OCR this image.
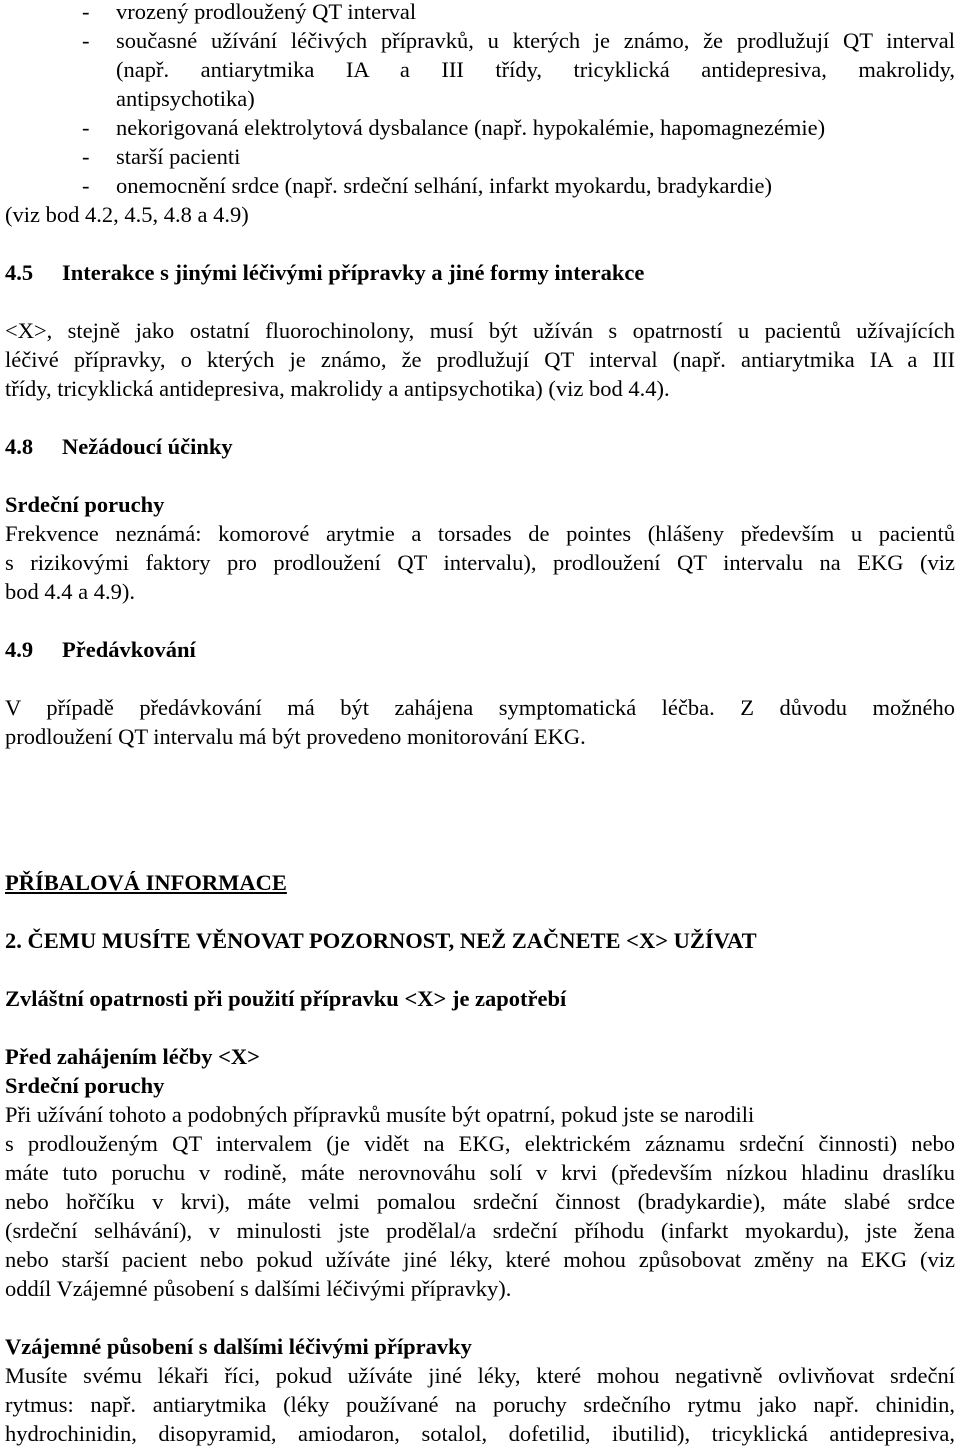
- vrozený prodloužený QT interval
- současné užívání léčivých přípravků, u kterých je známo, že prodlužují QT interval
(např. antiarytmika IA a III třídy, tricyklická antidepresiva, makrolidy,
antipsychotika)
- nekorigovaná elektrolytová dysbalance (např. hypokalémie, hapomagnezémie)
- starší pacienti
- onemocnění srdce (např. srdeční selhání, infarkt myokardu, bradykardie)
(viz bod 4.2, 4.5, 4.8 a 4.9)
4.5 Interakce s jinými léčivými přípravky a jiné formy interakce
<X>, stejně jako ostatní fluorochinolony, musí být užíván s opatrností u pacientů užívajících
léčivé přípravky, o kterých je známo, že prodlužují QT interval (např. antiarytmika IA a III
třídy, tricyklická antidepresiva, makrolidy a antipsychotika) (viz bod 4.4).
4.8 Nežádoucí účinky
Srdeční poruchy
Frekvence neznámá: komorové arytmie a torsades de pointes (hlášeny především u pacientů
s rizikovými faktory pro prodloužení QT intervalu), prodloužení QT intervalu na EKG (viz
bod 4.4 a 4.9).
4.9 Předávkování
V případě předávkování má být zahájena symptomatická léčba. Z důvodu možného
prodloužení QT intervalu má být provedeno monitorování EKG.
PŘÍBALOVÁ INFORMACE
2. ČEMU MUSÍTE VĚNOVAT POZORNOST, NEŽ ZAČNETE <X> UŽÍVAT
Zvláštní opatrnosti při použití přípravku <X> je zapotřebí
Před zahájením léčby <X>
Srdeční poruchy
Při užívání tohoto a podobných přípravků musíte být opatrní, pokud jste se narodili
s prodlouženým QT intervalem (je vidět na EKG, elektrickém záznamu srdeční činnosti) nebo
máte tuto poruchu v rodině, máte nerovnováhu solí v krvi (především nízkou hladinu draslíku
nebo hořčíku v krvi), máte velmi pomalou srdeční činnost (bradykardie), máte slabé srdce
(srdeční selhávání), v minulosti jste prodělal/a srdeční příhodu (infarkt myokardu), jste žena
nebo starší pacient nebo pokud užíváte jiné léky, které mohou způsobovat změny na EKG (viz
oddíl Vzájemné působení s dalšími léčivými přípravky).
Vzájemné působení s dalšími léčivými přípravky
Musíte svému lékaři říci, pokud užíváte jiné léky, které mohou negativně ovlivňovat srdeční
rytmus: např. antiarytmika (léky používané na poruchy srdečního rytmu jako např. chinidin,
hydrochinidin, disopyramid, amiodaron, sotalol, dofetilid, ibutilid), tricyklická antidepresiva,
